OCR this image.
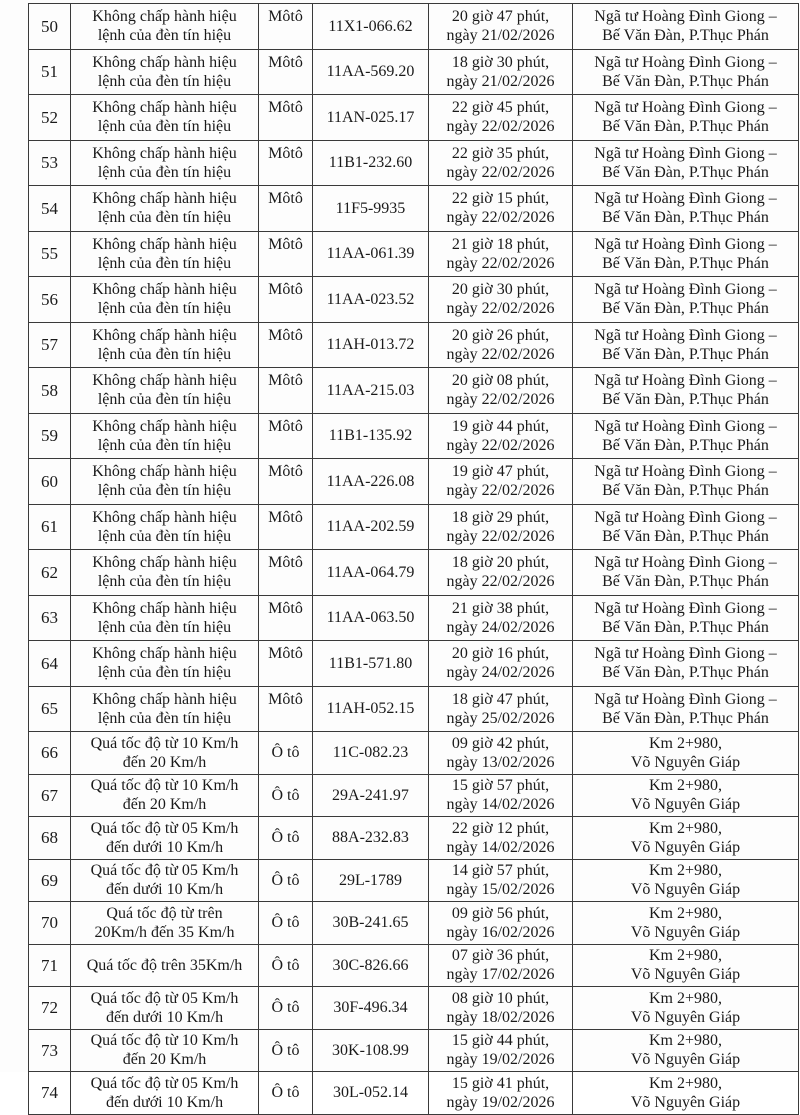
50	Không chấp hành hiệu
lệnh của đèn tín hiệu	Môtô	11X1-066.62	20 giờ 47 phút,
ngày 21/02/2026	Ngã tư Hoàng Đình Giong –
Bế Văn Đàn, P.Thục Phán

51	Không chấp hành hiệu
lệnh của đèn tín hiệu	Môtô	11AA-569.20	18 giờ 30 phút,
ngày 21/02/2026	Ngã tư Hoàng Đình Giong –
Bế Văn Đàn, P.Thục Phán

52	Không chấp hành hiệu
lệnh của đèn tín hiệu	Môtô	11AN-025.17	22 giờ 45 phút,
ngày 22/02/2026	Ngã tư Hoàng Đình Giong –
Bế Văn Đàn, P.Thục Phán

53	Không chấp hành hiệu
lệnh của đèn tín hiệu	Môtô	11B1-232.60	22 giờ 35 phút,
ngày 22/02/2026	Ngã tư Hoàng Đình Giong –
Bế Văn Đàn, P.Thục Phán

54	Không chấp hành hiệu
lệnh của đèn tín hiệu	Môtô	11F5-9935	22 giờ 15 phút,
ngày 22/02/2026	Ngã tư Hoàng Đình Giong –
Bế Văn Đàn, P.Thục Phán

55	Không chấp hành hiệu
lệnh của đèn tín hiệu	Môtô	11AA-061.39	21 giờ 18 phút,
ngày 22/02/2026	Ngã tư Hoàng Đình Giong –
Bế Văn Đàn, P.Thục Phán

56	Không chấp hành hiệu
lệnh của đèn tín hiệu	Môtô	11AA-023.52	20 giờ 30 phút,
ngày 22/02/2026	Ngã tư Hoàng Đình Giong –
Bế Văn Đàn, P.Thục Phán

57	Không chấp hành hiệu
lệnh của đèn tín hiệu	Môtô	11AH-013.72	20 giờ 26 phút,
ngày 22/02/2026	Ngã tư Hoàng Đình Giong –
Bế Văn Đàn, P.Thục Phán

58	Không chấp hành hiệu
lệnh của đèn tín hiệu	Môtô	11AA-215.03	20 giờ 08 phút,
ngày 22/02/2026	Ngã tư Hoàng Đình Giong –
Bế Văn Đàn, P.Thục Phán

59	Không chấp hành hiệu
lệnh của đèn tín hiệu	Môtô	11B1-135.92	19 giờ 44 phút,
ngày 22/02/2026	Ngã tư Hoàng Đình Giong –
Bế Văn Đàn, P.Thục Phán

60	Không chấp hành hiệu
lệnh của đèn tín hiệu	Môtô	11AA-226.08	19 giờ 47 phút,
ngày 22/02/2026	Ngã tư Hoàng Đình Giong –
Bế Văn Đàn, P.Thục Phán

61	Không chấp hành hiệu
lệnh của đèn tín hiệu	Môtô	11AA-202.59	18 giờ 29 phút,
ngày 22/02/2026	Ngã tư Hoàng Đình Giong –
Bế Văn Đàn, P.Thục Phán

62	Không chấp hành hiệu
lệnh của đèn tín hiệu	Môtô	11AA-064.79	18 giờ 20 phút,
ngày 22/02/2026	Ngã tư Hoàng Đình Giong –
Bế Văn Đàn, P.Thục Phán

63	Không chấp hành hiệu
lệnh của đèn tín hiệu	Môtô	11AA-063.50	21 giờ 38 phút,
ngày 24/02/2026	Ngã tư Hoàng Đình Giong –
Bế Văn Đàn, P.Thục Phán

64	Không chấp hành hiệu
lệnh của đèn tín hiệu	Môtô	11B1-571.80	20 giờ 16 phút,
ngày 24/02/2026	Ngã tư Hoàng Đình Giong –
Bế Văn Đàn, P.Thục Phán

65	Không chấp hành hiệu
lệnh của đèn tín hiệu	Môtô	11AH-052.15	18 giờ 47 phút,
ngày 25/02/2026	Ngã tư Hoàng Đình Giong –
Bế Văn Đàn, P.Thục Phán

66	Quá tốc độ từ 10 Km/h
đến 20 Km/h	Ô tô	11C-082.23	09 giờ 42 phút,
ngày 13/02/2026	Km 2+980,
Võ Nguyên Giáp

67	Quá tốc độ từ 10 Km/h
đến 20 Km/h	Ô tô	29A-241.97	15 giờ 57 phút,
ngày 14/02/2026	Km 2+980,
Võ Nguyên Giáp

68	Quá tốc độ từ 05 Km/h
đến dưới 10 Km/h	Ô tô	88A-232.83	22 giờ 12 phút,
ngày 14/02/2026	Km 2+980,
Võ Nguyên Giáp

69	Quá tốc độ từ 05 Km/h
đến dưới 10 Km/h	Ô tô	29L-1789	14 giờ 57 phút,
ngày 15/02/2026	Km 2+980,
Võ Nguyên Giáp

70	Quá tốc độ từ trên
20Km/h đến 35 Km/h	Ô tô	30B-241.65	09 giờ 56 phút,
ngày 16/02/2026	Km 2+980,
Võ Nguyên Giáp

71	Quá tốc độ trên 35Km/h	Ô tô	30C-826.66	07 giờ 36 phút,
ngày 17/02/2026	Km 2+980,
Võ Nguyên Giáp

72	Quá tốc độ từ 05 Km/h
đến dưới 10 Km/h	Ô tô	30F-496.34	08 giờ 10 phút,
ngày 18/02/2026	Km 2+980,
Võ Nguyên Giáp

73	Quá tốc độ từ 10 Km/h
đến 20 Km/h	Ô tô	30K-108.99	15 giờ 44 phút,
ngày 19/02/2026	Km 2+980,
Võ Nguyên Giáp

74	Quá tốc độ từ 05 Km/h
đến dưới 10 Km/h	Ô tô	30L-052.14	15 giờ 41 phút,
ngày 19/02/2026	Km 2+980,
Võ Nguyên Giáp
